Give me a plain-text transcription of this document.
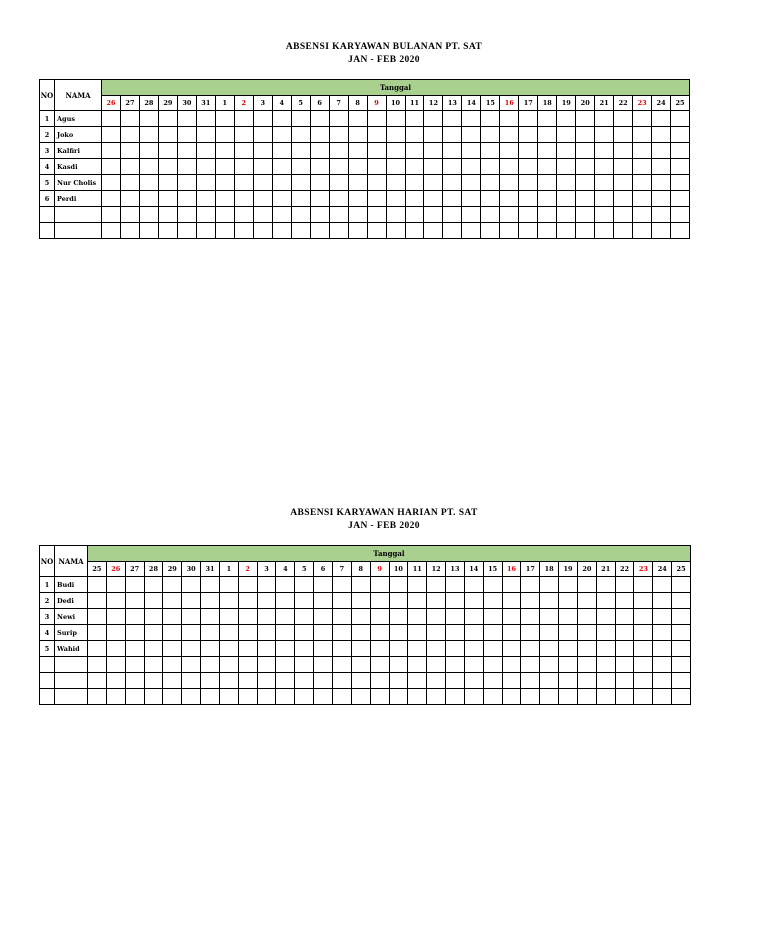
ABSENSI KARYAWAN BULANAN PT. SAT
JAN - FEB 2020
NO	NAMA	Tanggal																														
		26	27	28	29	30	31	1	2	3	4	5	6	7	8	9	10	11	12	13	14	15	16	17	18	19	20	21	22	23	24	25
1	Agus																															
2	Joko																															
3	Kalfiri																															
4	Kasdi																															
5	Nur Cholis																															
6	Perdi																															

ABSENSI KARYAWAN HARIAN PT. SAT
JAN - FEB 2020
NO	NAMA	Tanggal																															
		25	26	27	28	29	30	31	1	2	3	4	5	6	7	8	9	10	11	12	13	14	15	16	17	18	19	20	21	22	23	24	25
1	Budi																																
2	Dedi																																
3	Newi																																
4	Surip																																
5	Wahid																																
